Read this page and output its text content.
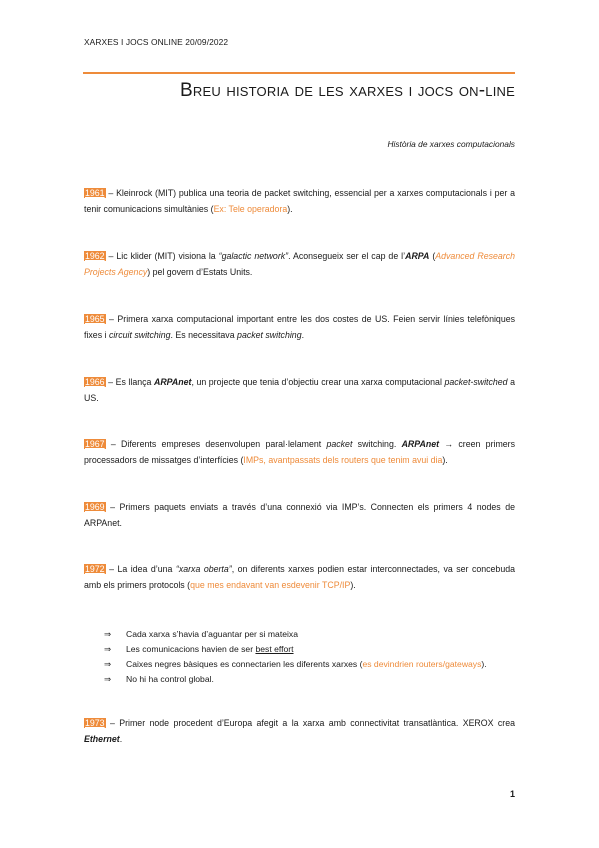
XARXES I JOCS ONLINE 20/09/2022
Breu historia de les xarxes i jocs on-line
Història de xarxes computacionals
1961 – Kleinrock (MIT) publica una teoria de packet switching, essencial per a xarxes computacionals i per a tenir comunicacions simultànies (Ex: Tele operadora).
1962 – Lic klider (MIT) visiona la “galactic network”. Aconsegueix ser el cap de l’ARPA (Advanced Research Projects Agency) pel govern d’Estats Units.
1965 – Primera xarxa computacional important entre les dos costes de US. Feien servir línies telefòniques fixes i circuit switching. Es necessitava packet switching.
1966 – Es llança ARPAnet, un projecte que tenia d’objectiu crear una xarxa computacional packet-switched a US.
1967 – Diferents empreses desenvolupen paral·lelament packet switching. ARPAnet → creen primers processadors de missatges d’interfícies (IMPs, avantpassats dels routers que tenim avui dia).
1969 – Primers paquets enviats a través d’una connexió via IMP’s. Connecten els primers 4 nodes de ARPAnet.
1972 – La idea d’una “xarxa oberta”, on diferents xarxes podien estar interconnectades, va ser concebuda amb els primers protocols (que mes endavant van esdevenir TCP/IP).
⇒	Cada xarxa s’havia d’aguantar per si mateixa
⇒	Les comunicacions havien de ser best effort
⇒	Caixes negres bàsiques es connectarien les diferents xarxes (es devindrien routers/gateways).
⇒	No hi ha control global.
1973 – Primer node procedent d’Europa afegit a la xarxa amb connectivitat transatlàntica. XEROX crea Ethernet.
1
